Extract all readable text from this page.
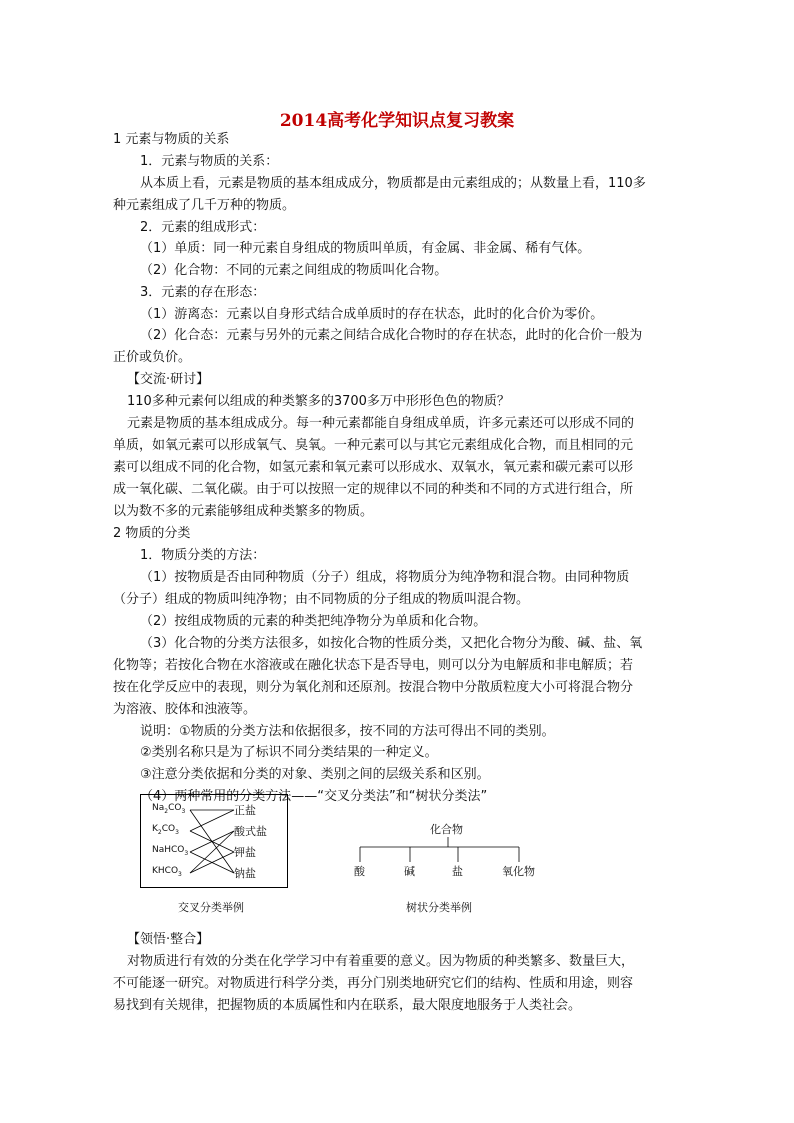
2014高考化学知识点复习教案
1 元素与物质的关系
1．元素与物质的关系：
从本质上看，元素是物质的基本组成成分，物质都是由元素组成的；从数量上看，110多
种元素组成了几千万种的物质。
2．元素的组成形式：
（1）单质：同一种元素自身组成的物质叫单质，有金属、非金属、稀有气体。
（2）化合物：不同的元素之间组成的物质叫化合物。
3．元素的存在形态：
（1）游离态：元素以自身形式结合成单质时的存在状态，此时的化合价为零价。
（2）化合态：元素与另外的元素之间结合成化合物时的存在状态，此时的化合价一般为
正价或负价。
【交流·研讨】
110多种元素何以组成的种类繁多的3700多万中形形色色的物质？
元素是物质的基本组成成分。每一种元素都能自身组成单质，许多元素还可以形成不同的
单质，如氧元素可以形成氧气、臭氧。一种元素可以与其它元素组成化合物，而且相同的元
素可以组成不同的化合物，如氢元素和氧元素可以形成水、双氧水，氧元素和碳元素可以形
成一氧化碳、二氧化碳。由于可以按照一定的规律以不同的种类和不同的方式进行组合，所
以为数不多的元素能够组成种类繁多的物质。
2 物质的分类
1．物质分类的方法：
（1）按物质是否由同种物质（分子）组成，将物质分为纯净物和混合物。由同种物质
（分子）组成的物质叫纯净物；由不同物质的分子组成的物质叫混合物。
（2）按组成物质的元素的种类把纯净物分为单质和化合物。
（3）化合物的分类方法很多，如按化合物的性质分类，又把化合物分为酸、碱、盐、氧
化物等；若按化合物在水溶液或在融化状态下是否导电，则可以分为电解质和非电解质；若
按在化学反应中的表现，则分为氧化剂和还原剂。按混合物中分散质粒度大小可将混合物分
为溶液、胶体和浊液等。
说明：①物质的分类方法和依据很多，按不同的方法可得出不同的类别。
②类别名称只是为了标识不同分类结果的一种定义。
③注意分类依据和分类的对象、类别之间的层级关系和区别。
（4）两种常用的分类方法——“交叉分类法”和“树状分类法”
$Na_2CO_3$
$K_2CO_3$
NaHCO$_3$
$KHCO_3$
正盐
酸式盐
钾盐
钠盐
交叉分类举例
化合物
酸	碱	盐	氧化物
树状分类举例
【领悟·整合】
对物质进行有效的分类在化学学习中有着重要的意义。因为物质的种类繁多、数量巨大，
不可能逐一研究。对物质进行科学分类，再分门别类地研究它们的结构、性质和用途，则容
易找到有关规律，把握物质的本质属性和内在联系，最大限度地服务于人类社会。
